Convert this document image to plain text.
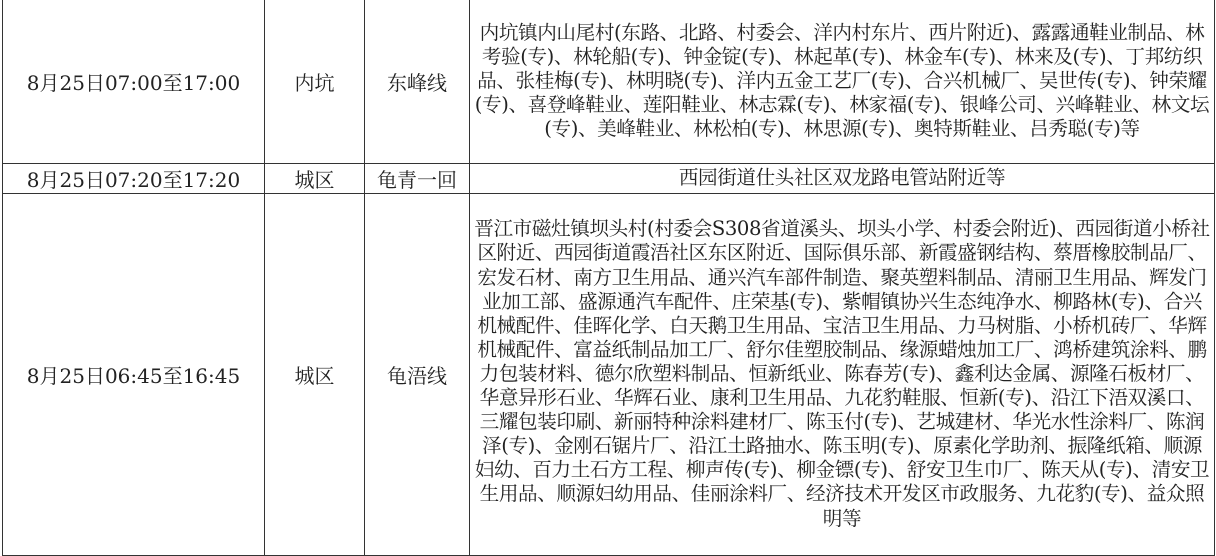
8月25日07:00至17:00	内坑	东峰线	内坑镇内山尾村(东路、北路、村委会、洋内村东片、西片附近)、露露通鞋业制品、林考验(专)、林轮船(专)、钟金锭(专)、林起革(专)、林金车(专)、林来及(专)、丁邦纺织品、张桂梅(专)、林明晓(专)、洋内五金工艺厂(专)、合兴机械厂、吴世传(专)、钟荣耀(专)、喜登峰鞋业、莲阳鞋业、林志霖(专)、林家福(专)、银峰公司、兴峰鞋业、林文坛(专)、美峰鞋业、林松柏(专)、林思源(专)、奥特斯鞋业、吕秀聪(专)等
8月25日07:20至17:20	城区	龟青一回	西园街道仕头社区双龙路电管站附近等
8月25日06:45至16:45	城区	龟浯线	晋江市磁灶镇坝头村(村委会S308省道溪头、坝头小学、村委会附近)、西园街道小桥社区附近、西园街道霞浯社区东区附近、国际俱乐部、新霞盛钢结构、蔡厝橡胶制品厂、宏发石材、南方卫生用品、通兴汽车部件制造、聚英塑料制品、清丽卫生用品、辉发门业加工部、盛源通汽车配件、庄荣基(专)、紫帽镇协兴生态纯净水、柳路林(专)、合兴机械配件、佳晖化学、白天鹅卫生用品、宝洁卫生用品、力马树脂、小桥机砖厂、华辉机械配件、富益纸制品加工厂、舒尔佳塑胶制品、缘源蜡烛加工厂、鸿桥建筑涂料、鹏力包装材料、德尔欣塑料制品、恒新纸业、陈春芳(专)、鑫利达金属、源隆石板材厂、华意异形石业、华辉石业、康利卫生用品、九花豹鞋服、恒新(专)、沿江下浯双溪口、三耀包装印刷、新丽特种涂料建材厂、陈玉付(专)、艺城建材、华光水性涂料厂、陈润泽(专)、金刚石锯片厂、沿江土路抽水、陈玉明(专)、原素化学助剂、振隆纸箱、顺源妇幼、百力土石方工程、柳声传(专)、柳金镖(专)、舒安卫生巾厂、陈天从(专)、清安卫生用品、顺源妇幼用品、佳丽涂料厂、经济技术开发区市政服务、九花豹(专)、益众照明等
